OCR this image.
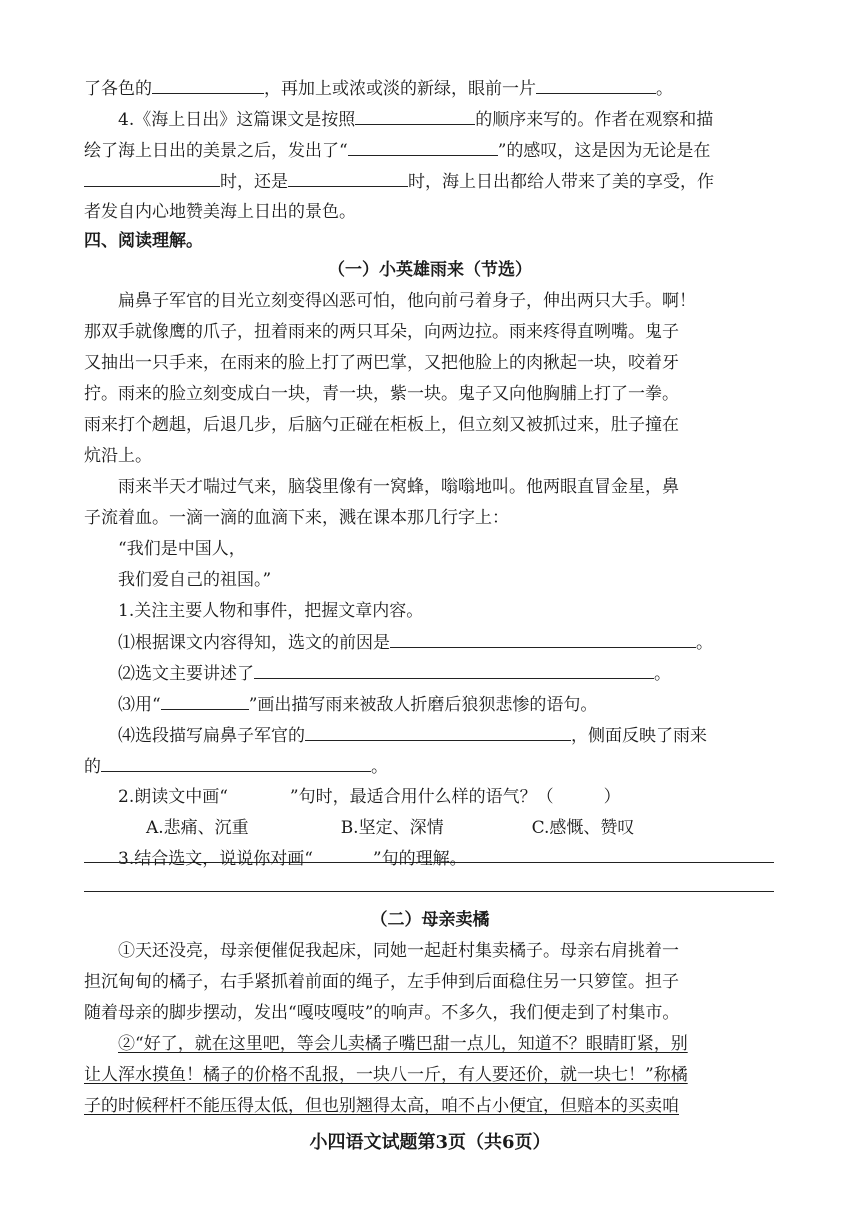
了各色的	，再加上或浓或淡的新绿，眼前一片	。
4.《海上日出》这篇课文是按照	的顺序来写的。作者在观察和描
绘了海上日出的美景之后，发出了“	”的感叹，这是因为无论是在
时，还是	时，海上日出都给人带来了美的享受，作
者发自内心地赞美海上日出的景色。
四、阅读理解。
（一）小英雄雨来（节选）
扁鼻子军官的目光立刻变得凶恶可怕，他向前弓着身子，伸出两只大手。啊！
那双手就像鹰的爪子，扭着雨来的两只耳朵，向两边拉。雨来疼得直咧嘴。鬼子
又抽出一只手来，在雨来的脸上打了两巴掌，又把他脸上的肉揪起一块，咬着牙
拧。雨来的脸立刻变成白一块，青一块，紫一块。鬼子又向他胸脯上打了一拳。
雨来打个趔趄，后退几步，后脑勺正碰在柜板上，但立刻又被抓过来，肚子撞在
炕沿上。
雨来半天才喘过气来，脑袋里像有一窝蜂，嗡嗡地叫。他两眼直冒金星，鼻
子流着血。一滴一滴的血滴下来，溅在课本那几行字上：
“我们是中国人，
我们爱自己的祖国。”
1.关注主要人物和事件，把握文章内容。
⑴根据课文内容得知，选文的前因是	。
⑵选文主要讲述了	。
⑶用“	”画出描写雨来被敌人折磨后狼狈悲惨的语句。
⑷选段描写扁鼻子军官的	，侧面反映了雨来
的	。
2.朗读文中画“	”句时，最适合用什么样的语气？（	）
A.悲痛、沉重	B.坚定、深情	C.感慨、赞叹
3.结合选文，说说你对画“	”句的理解。
（二）母亲卖橘
①天还没亮，母亲便催促我起床，同她一起赶村集卖橘子。母亲右肩挑着一
担沉甸甸的橘子，右手紧抓着前面的绳子，左手伸到后面稳住另一只箩筐。担子
随着母亲的脚步摆动，发出“嘎吱嘎吱”的响声。不多久，我们便走到了村集市。
②“好了，就在这里吧，等会儿卖橘子嘴巴甜一点儿，知道不？眼睛盯紧，别
让人浑水摸鱼！橘子的价格不乱报，一块八一斤，有人要还价，就一块七！”称橘
子的时候秤杆不能压得太低，但也别翘得太高，咱不占小便宜，但赔本的买卖咱
小四语文试题第3页（共6页）
